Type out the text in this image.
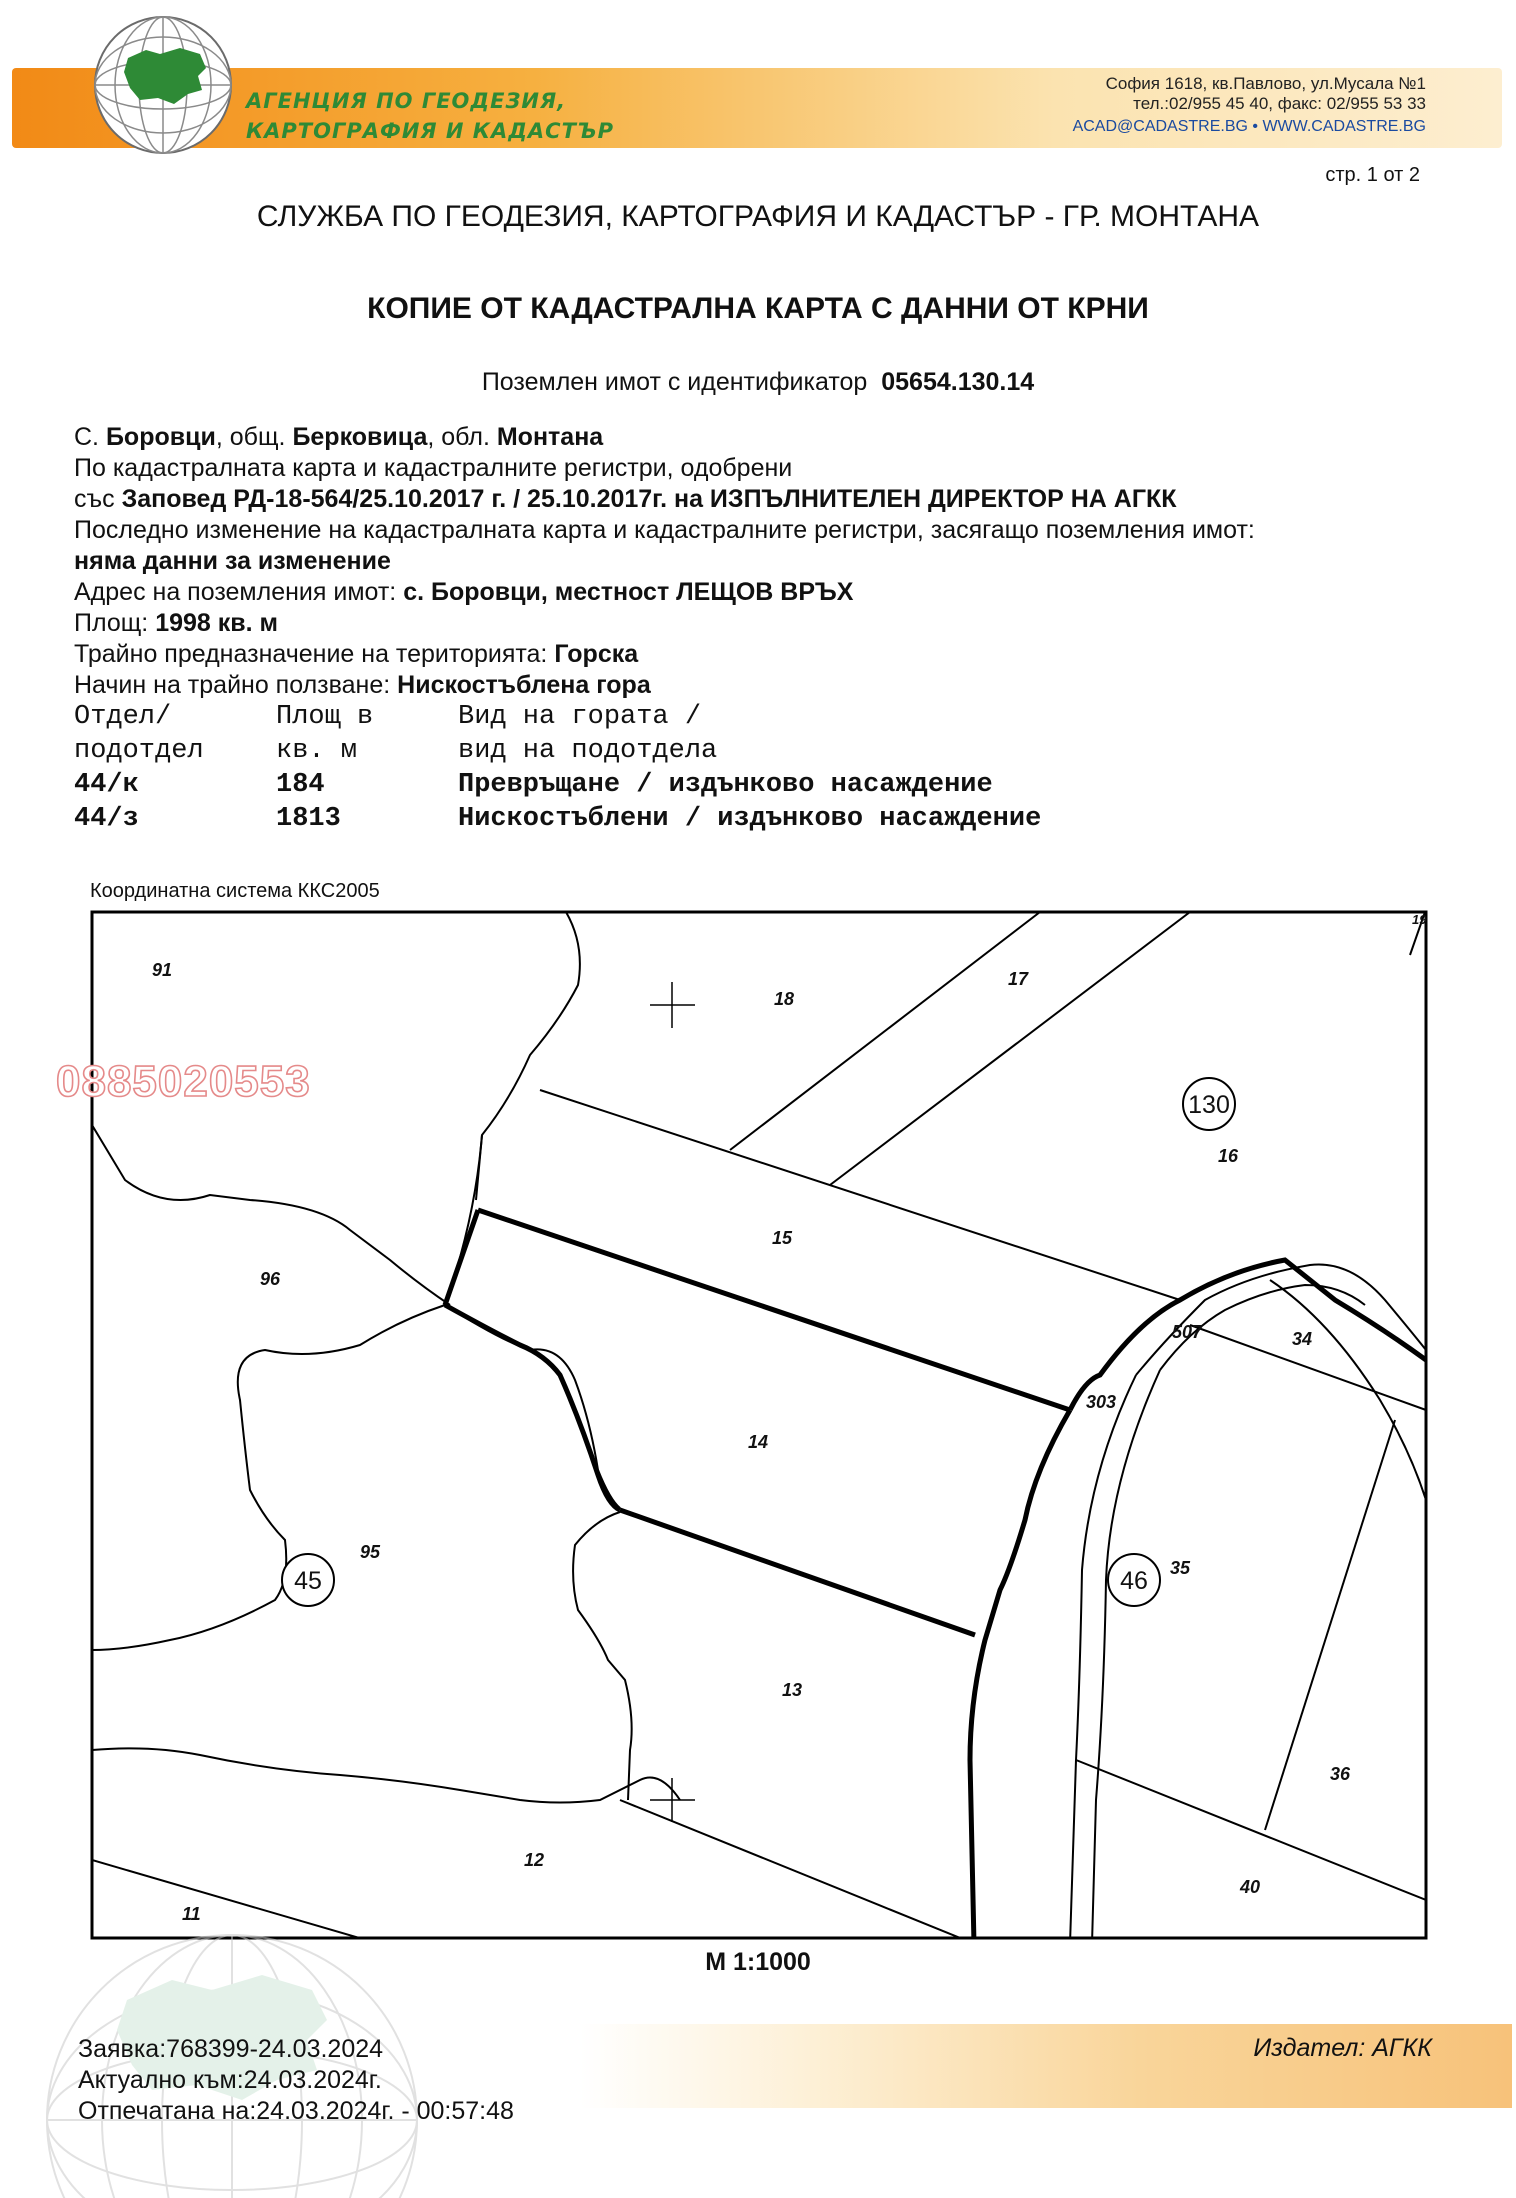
АГЕНЦИЯ ПО ГЕОДЕЗИЯ,
КАРТОГРАФИЯ И КАДАСТЪР
София 1618, кв.Павлово, ул.Мусала №1
тел.:02/955 45 40, факс: 02/955 53 33
ACAD@CADASTRE.BG • WWW.CADASTRE.BG
стр. 1 от 2
СЛУЖБА ПО ГЕОДЕЗИЯ, КАРТОГРАФИЯ И КАДАСТЪР - ГР. МОНТАНА
КОПИЕ ОТ КАДАСТРАЛНА КАРТА С ДАННИ ОТ КРНИ
Поземлен имот с идентификатор 05654.130.14
С. Боровци, общ. Берковица, обл. Монтана
По кадастралната карта и кадастралните регистри, одобрени
със Заповед РД-18-564/25.10.2017 г. / 25.10.2017г. на ИЗПЪЛНИТЕЛЕН ДИРЕКТОР НА АГКК
Последно изменение на кадастралната карта и кадастралните регистри, засягащо поземления имот:
няма данни за изменение
Адрес на поземления имот: с. Боровци, местност ЛЕЩОВ ВРЪХ
Площ: 1998 кв. м
Трайно предназначение на територията: Горска
Начин на трайно ползване: Нискостъблена гора
Отдел/	Площ в	Вид на гората /
подотдел	кв. м	вид на подотдела
44/к	184	Превръщане / издънково насаждение
44/з	1813	Нискостъблени / издънково насаждение
Координатна система ККС2005
0885020553
91
18
17
16
15
96
14
507	34
303
95
35
13
36
12
11
40
19
130
45	46
М 1:1000
Заявка:768399-24.03.2024
Актуално към:24.03.2024г.
Отпечатана на:24.03.2024г. - 00:57:48
Издател: АГКК
